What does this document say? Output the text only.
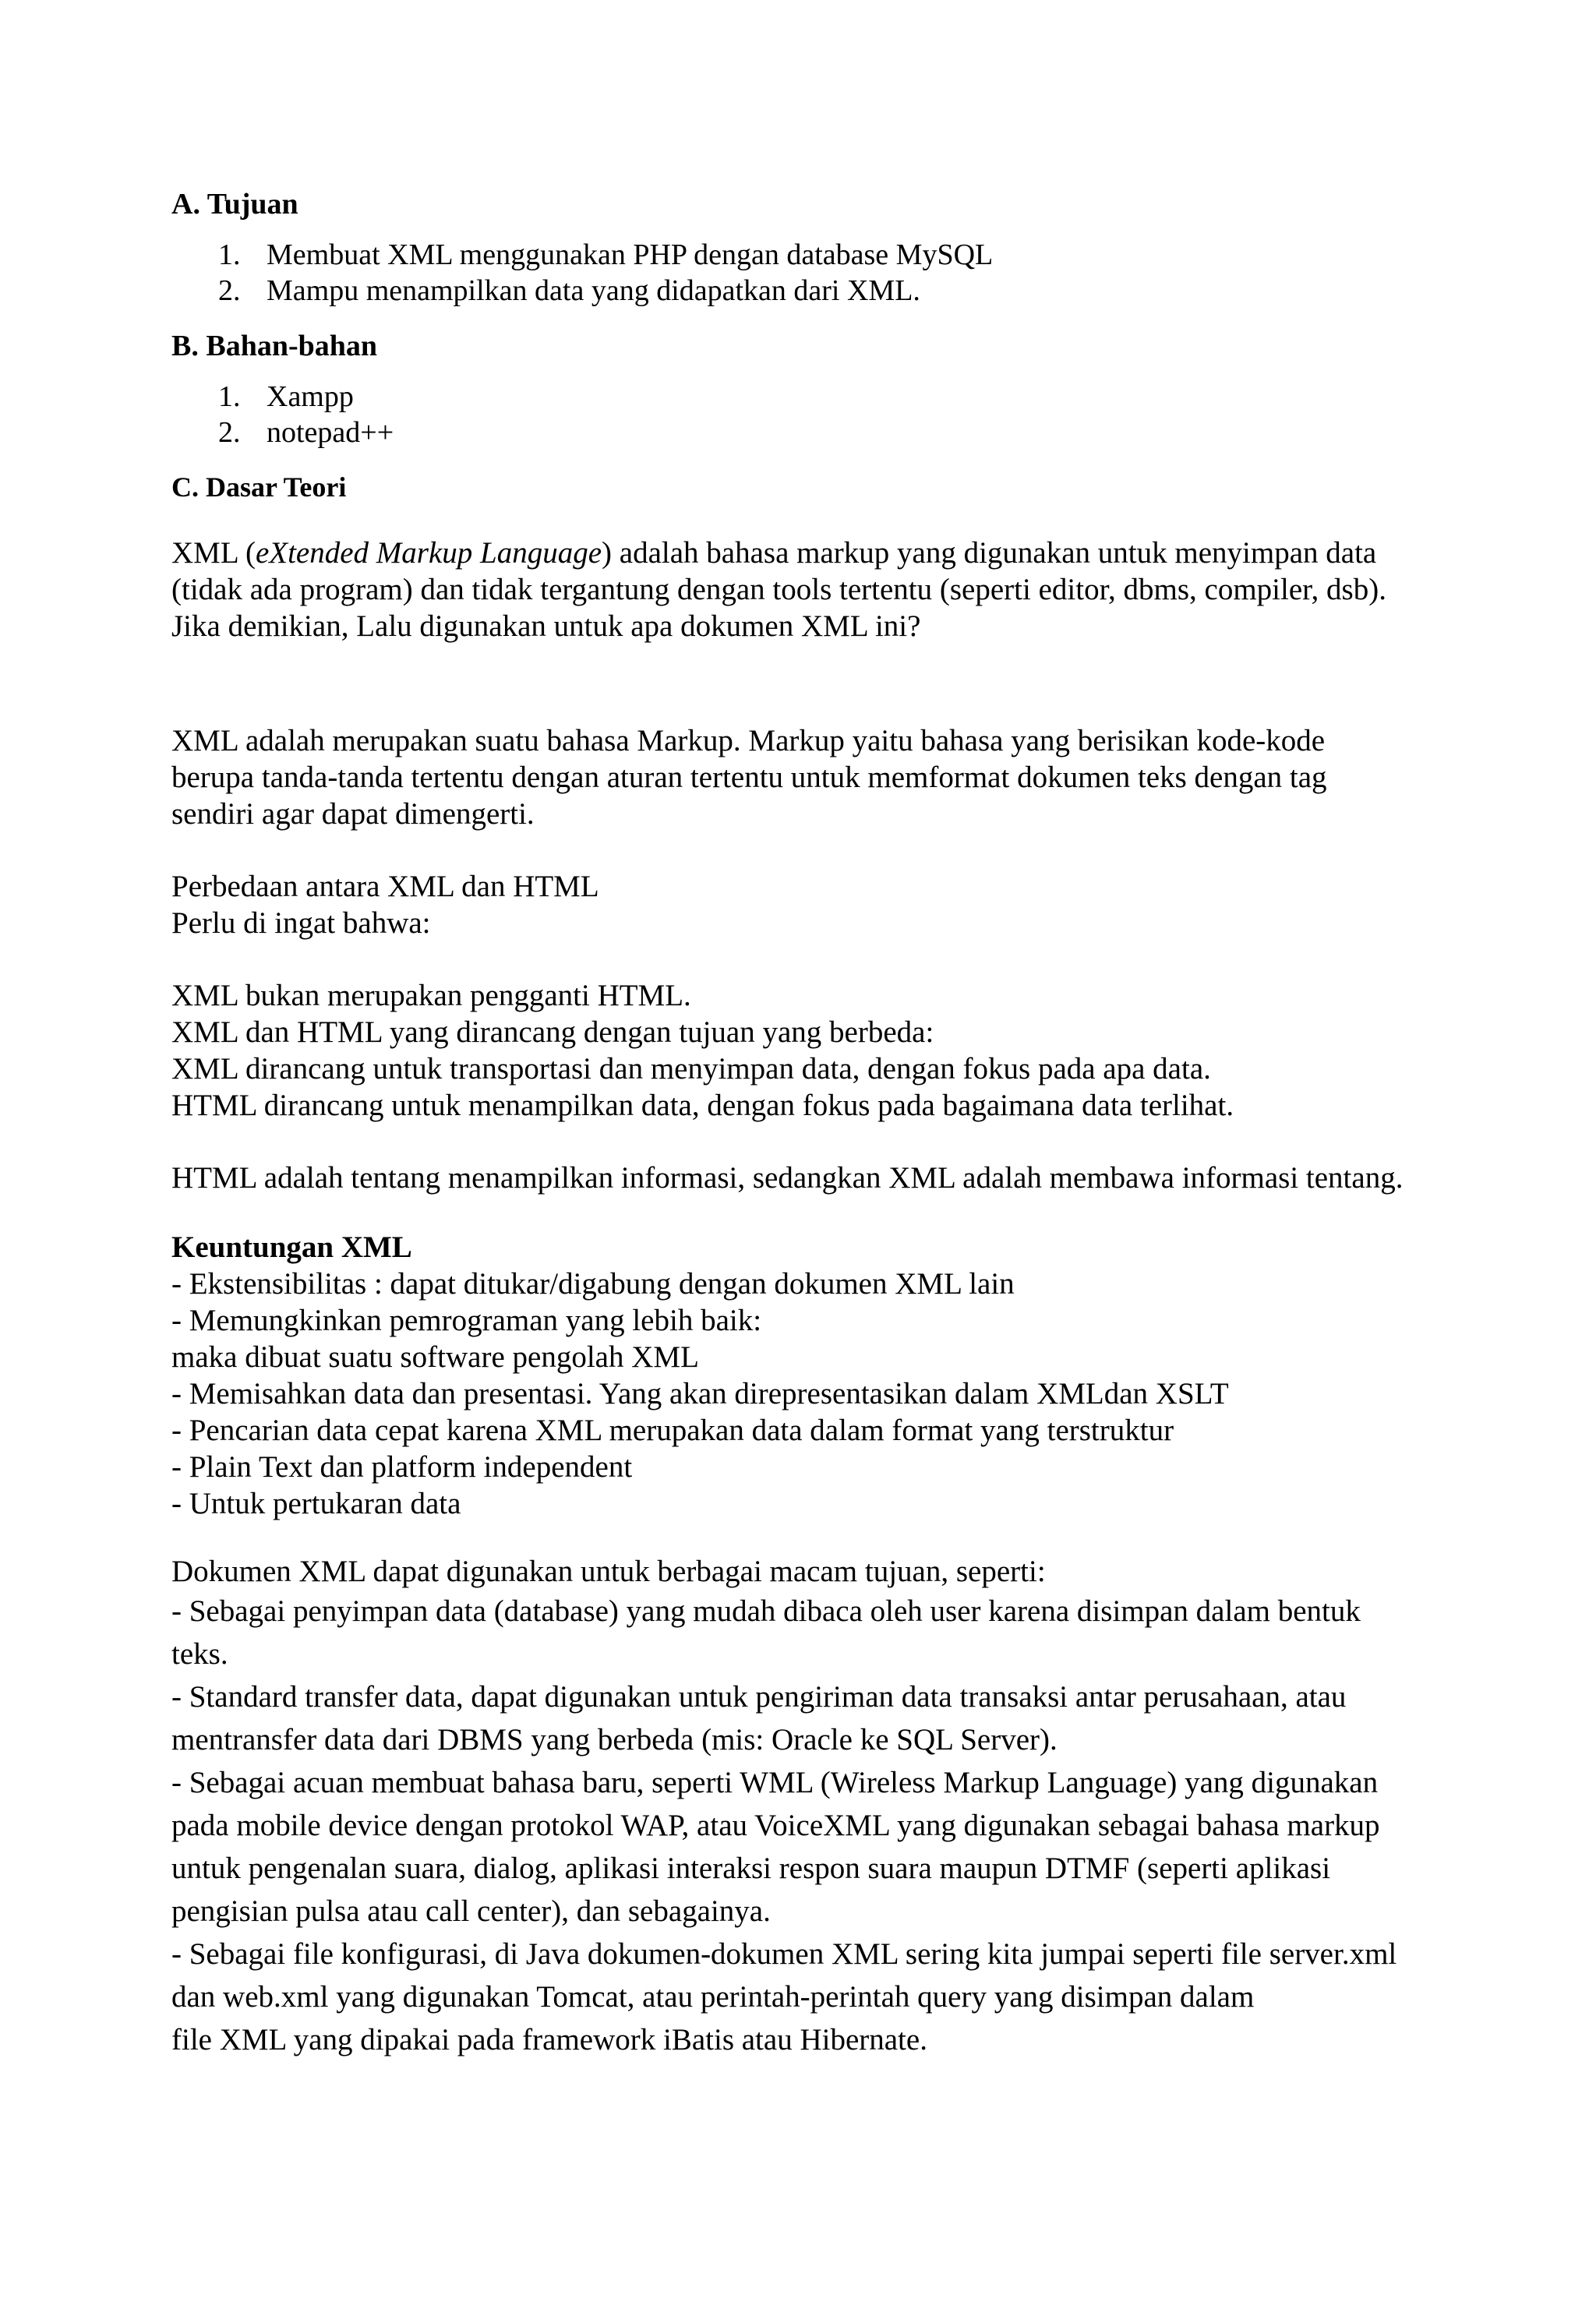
A. Tujuan

1. Membuat XML menggunakan PHP dengan database MySQL
2. Mampu menampilkan data yang didapatkan dari XML.

B. Bahan-bahan

1. Xampp
2. notepad++

C. Dasar Teori

XML (eXtended Markup Language) adalah bahasa markup yang digunakan untuk menyimpan data
(tidak ada program) dan tidak tergantung dengan tools tertentu (seperti editor, dbms, compiler, dsb).
Jika demikian, Lalu digunakan untuk apa dokumen XML ini?

XML adalah merupakan suatu bahasa Markup. Markup yaitu bahasa yang berisikan kode-kode
berupa tanda-tanda tertentu dengan aturan tertentu untuk memformat dokumen teks dengan tag
sendiri agar dapat dimengerti.

Perbedaan antara XML dan HTML
Perlu di ingat bahwa:

XML bukan merupakan pengganti HTML.
XML dan HTML yang dirancang dengan tujuan yang berbeda:
XML dirancang untuk transportasi dan menyimpan data, dengan fokus pada apa data.
HTML dirancang untuk menampilkan data, dengan fokus pada bagaimana data terlihat.

HTML adalah tentang menampilkan informasi, sedangkan XML adalah membawa informasi tentang.

Keuntungan XML

- Ekstensibilitas : dapat ditukar/digabung dengan dokumen XML lain
- Memungkinkan pemrograman yang lebih baik:
maka dibuat suatu software pengolah XML
- Memisahkan data dan presentasi. Yang akan direpresentasikan dalam XMLdan XSLT
- Pencarian data cepat karena XML merupakan data dalam format yang terstruktur
- Plain Text dan platform independent
- Untuk pertukaran data

Dokumen XML dapat digunakan untuk berbagai macam tujuan, seperti:

- Sebagai penyimpan data (database) yang mudah dibaca oleh user karena disimpan dalam bentuk
teks.
- Standard transfer data, dapat digunakan untuk pengiriman data transaksi antar perusahaan, atau
mentransfer data dari DBMS yang berbeda (mis: Oracle ke SQL Server).
- Sebagai acuan membuat bahasa baru, seperti WML (Wireless Markup Language) yang digunakan
pada mobile device dengan protokol WAP, atau VoiceXML yang digunakan sebagai bahasa markup
untuk pengenalan suara, dialog, aplikasi interaksi respon suara maupun DTMF (seperti aplikasi
pengisian pulsa atau call center), dan sebagainya.
- Sebagai file konfigurasi, di Java dokumen-dokumen XML sering kita jumpai seperti file server.xml
dan web.xml yang digunakan Tomcat, atau perintah-perintah query yang disimpan dalam
file XML yang dipakai pada framework iBatis atau Hibernate.
